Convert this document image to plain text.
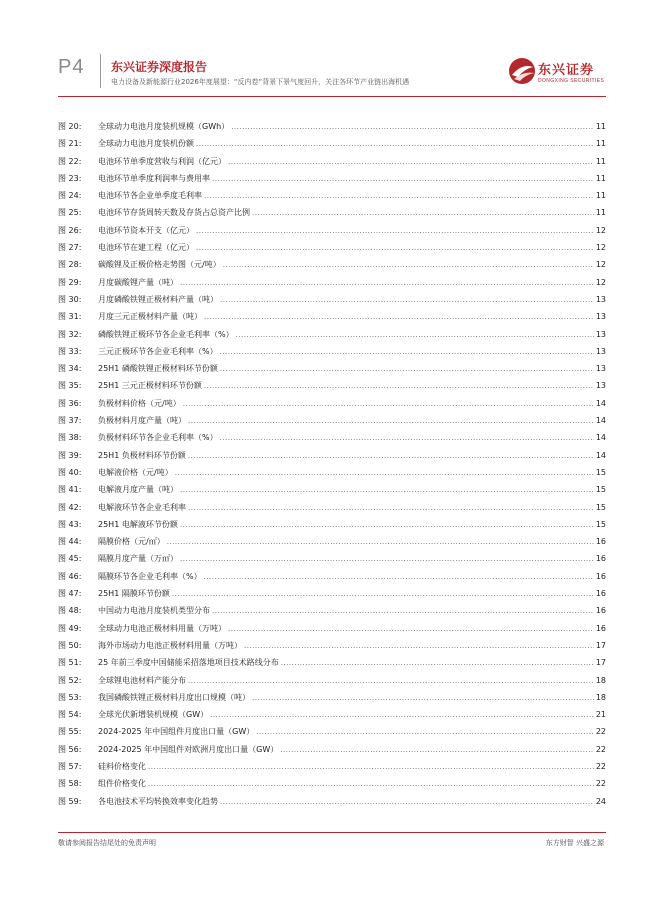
P4 东兴证券深度报告
电力设备及新能源行业2026年度展望：“反内卷”背景下景气度回升，关注各环节产业链出海机遇
东兴证券
DONGXING SECURITIES
图 20:	全球动力电池月度装机规模（GWh） .....	11
图 21:	全球动力电池月度装机份额 .....	11
图 22:	电池环节单季度营收与利润（亿元） .....	11
图 23:	电池环节单季度利润率与费用率 .....	11
图 24:	电池环节各企业单季度毛利率 .....	11
图 25:	电池环节存货周转天数及存货占总资产比例 .....	11
图 26:	电池环节资本开支（亿元） .....	12
图 27:	电池环节在建工程（亿元） .....	12
图 28:	碳酸锂及正极价格走势图（元/吨） .....	12
图 29:	月度碳酸锂产量（吨） .....	12
图 30:	月度磷酸铁锂正极材料产量（吨） .....	13
图 31:	月度三元正极材料产量（吨） .....	13
图 32:	磷酸铁锂正极环节各企业毛利率（%） .....	13
图 33:	三元正极环节各企业毛利率（%） .....	13
图 34:	25H1 磷酸铁锂正极材料环节份额 .....	13
图 35:	25H1 三元正极材料环节份额 .....	13
图 36:	负极材料价格（元/吨） .....	14
图 37:	负极材料月度产量（吨） .....	14
图 38:	负极材料环节各企业毛利率（%） .....	14
图 39:	25H1 负极材料环节份额 .....	14
图 40:	电解液价格（元/吨） .....	15
图 41:	电解液月度产量（吨） .....	15
图 42:	电解液环节各企业毛利率 .....	15
图 43:	25H1 电解液环节份额 .....	15
图 44:	隔膜价格（元/㎡） .....	16
图 45:	隔膜月度产量（万㎡） .....	16
图 46:	隔膜环节各企业毛利率（%） .....	16
图 47:	25H1 隔膜环节份额 .....	16
图 48:	中国动力电池月度装机类型分布 .....	16
图 49:	全球动力电池正极材料用量（万吨） .....	16
图 50:	海外市场动力电池正极材料用量（万吨） .....	17
图 51:	25 年前三季度中国储能采招落地项目技术路线分布 .....	17
图 52:	全球锂电池材料产能分布 .....	18
图 53:	我国磷酸铁锂正极材料月度出口规模（吨） .....	18
图 54:	全球光伏新增装机规模（GW） .....	21
图 55:	2024-2025 年中国组件月度出口量（GW） .....	22
图 56:	2024-2025 年中国组件对欧洲月度出口量（GW） .....	22
图 57:	硅料价格变化 .....	22
图 58:	组件价格变化 .....	22
图 59:	各电池技术平均转换效率变化趋势 .....	24
敬请参阅报告结尾处的免责声明	东方财智 兴盛之源
